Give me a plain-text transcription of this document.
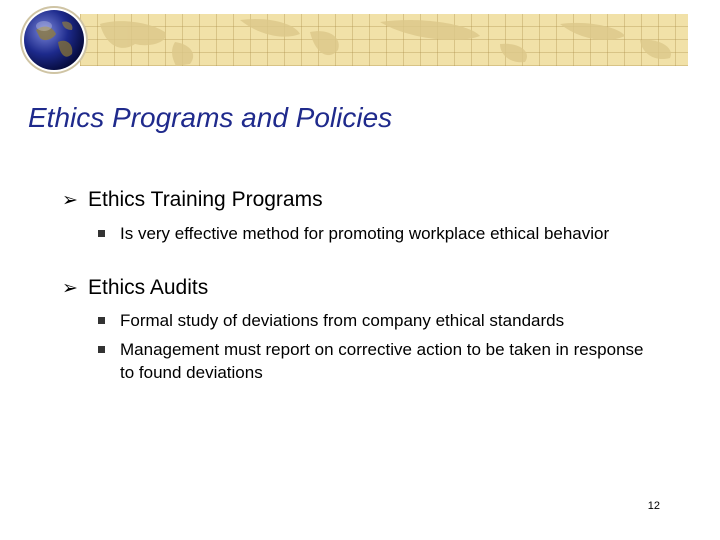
Ethics Programs and Policies
➢ Ethics Training Programs
Is very effective method for promoting workplace ethical behavior
➢ Ethics Audits
Formal study of deviations from company ethical standards
Management must report on corrective action to be taken in response to found deviations
12
